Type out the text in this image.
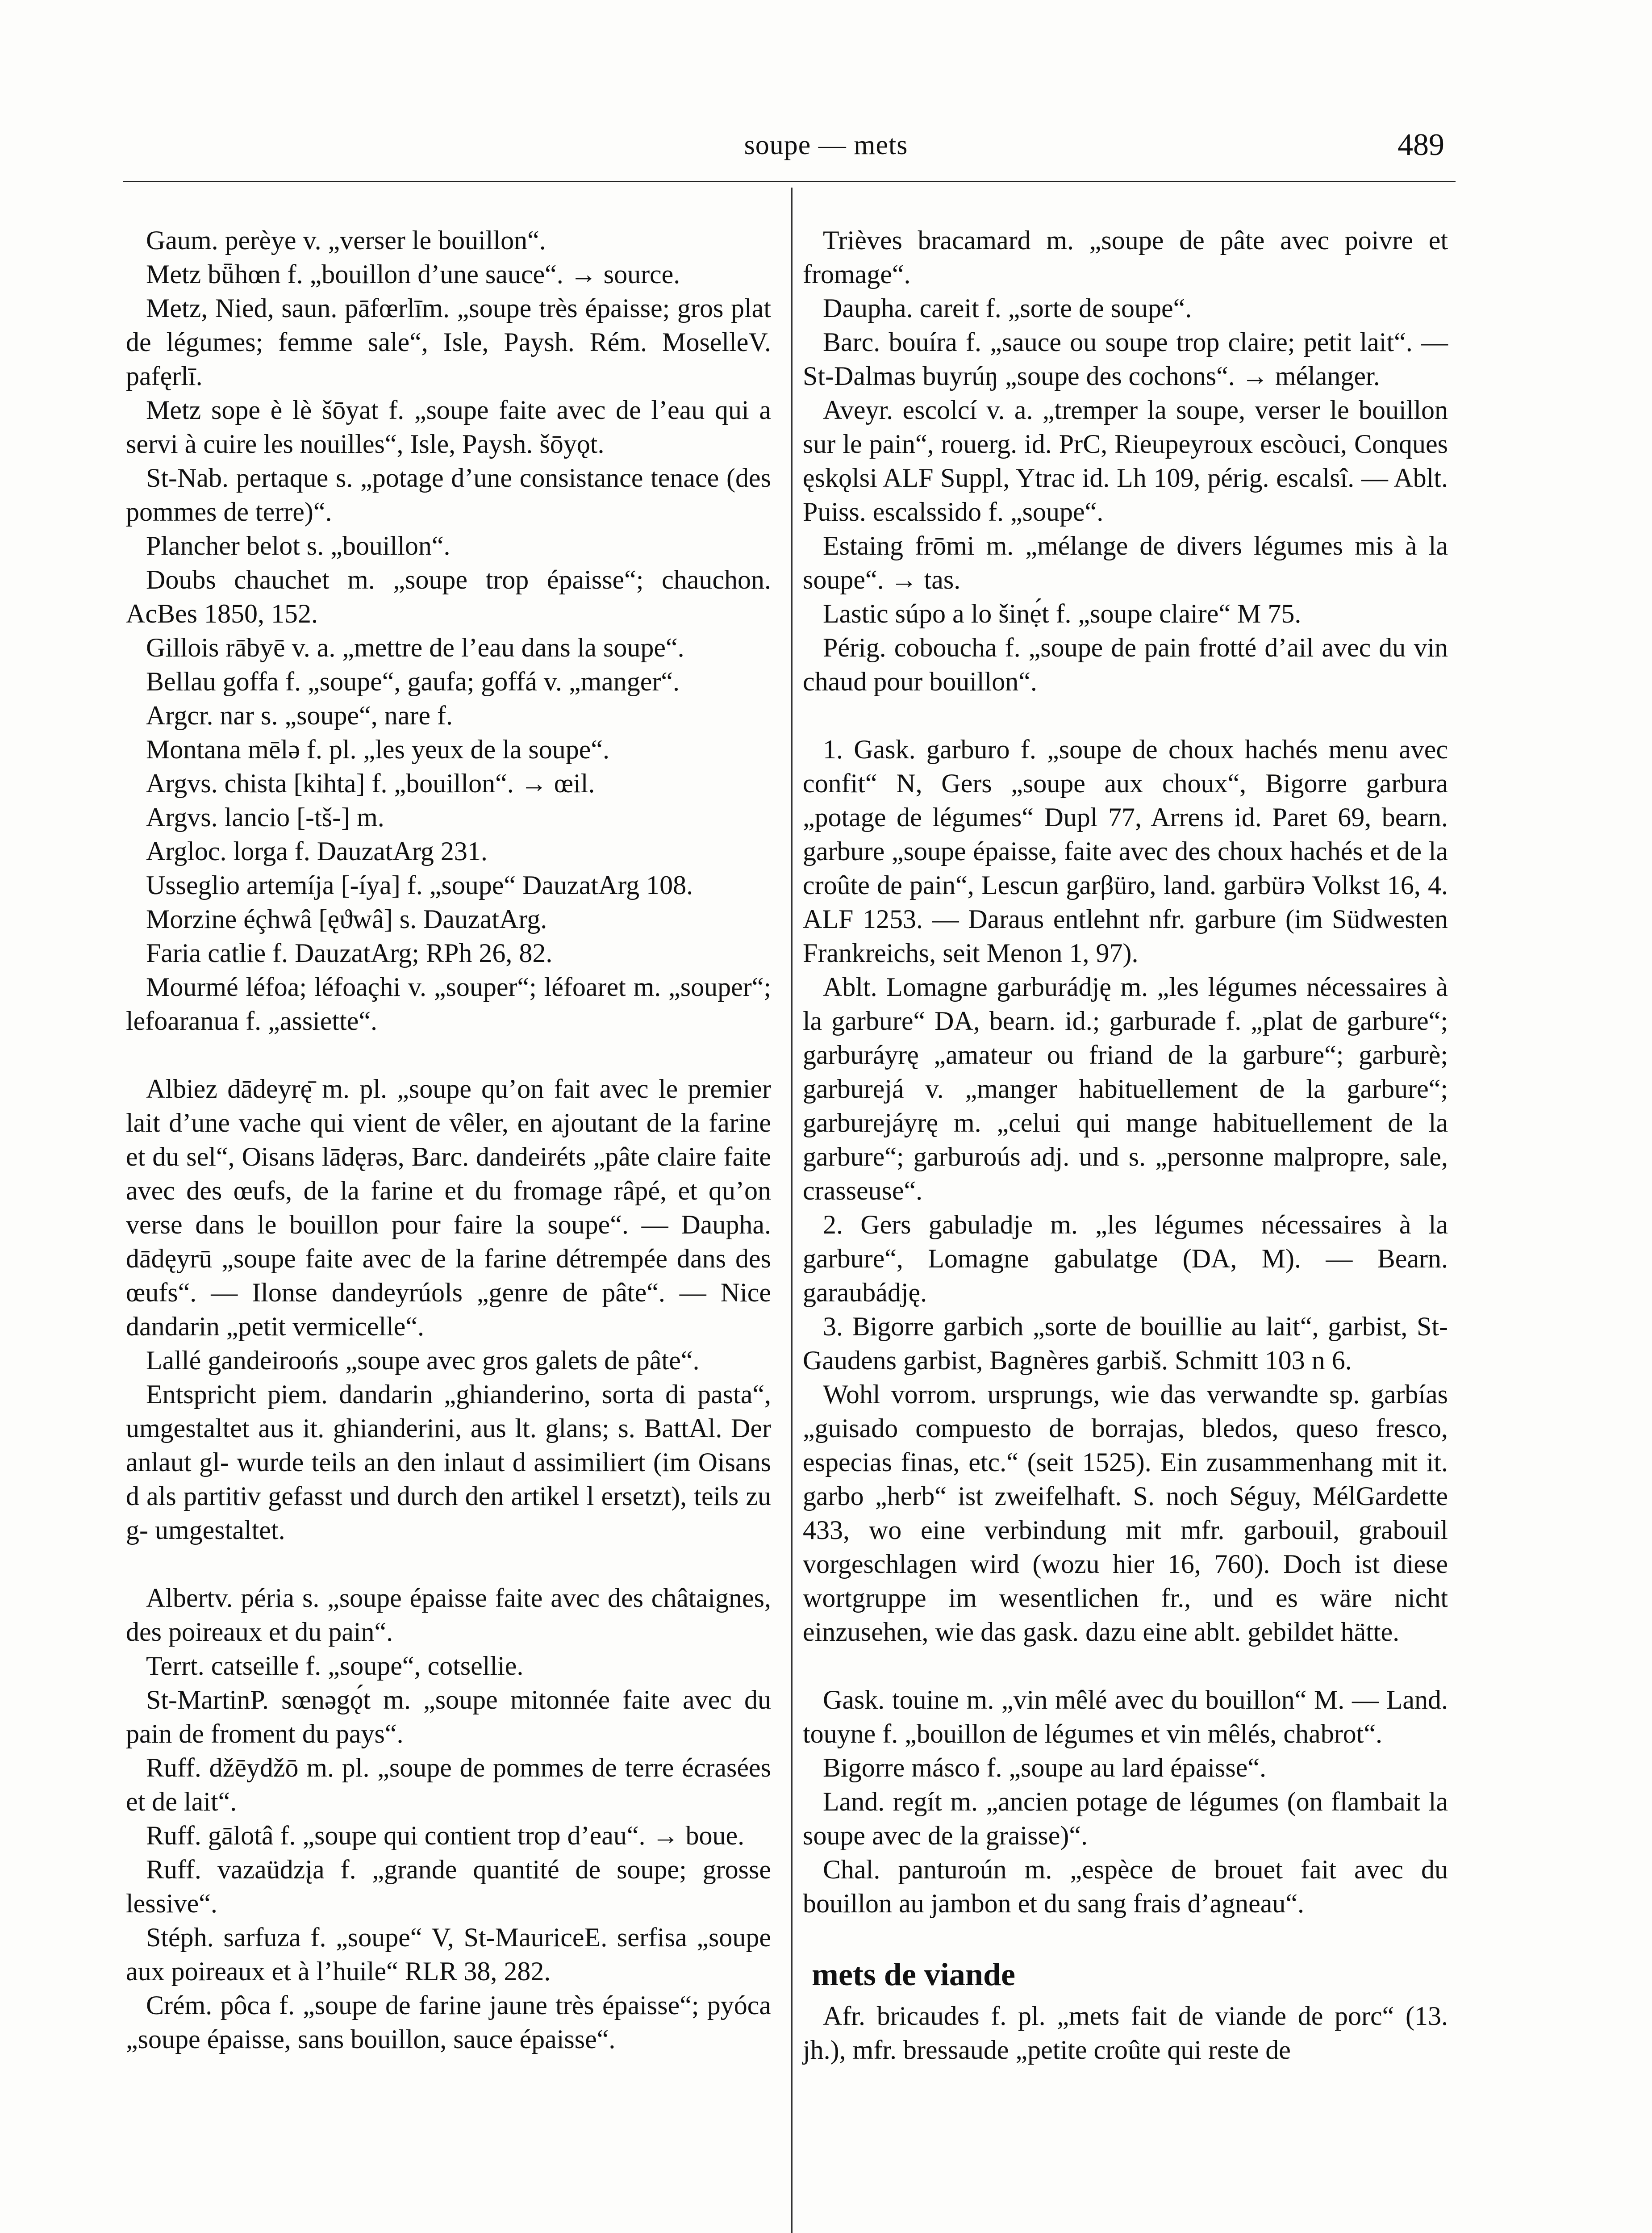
soupe — mets	489

Gaum. perèye v. „verser le bouillon“.

Metz bǖhœn f. „bouillon d’une sauce“. → source.

Metz, Nied, saun. pāfœrlīm. „soupe très épaisse; gros plat de légumes; femme sale“, Isle, Paysh. Rém. MoselleV. pafęrlī.

Metz sope è lè šōyat f. „soupe faite avec de l’eau qui a servi à cuire les nouilles“, Isle, Paysh. šōyǫt.

St-Nab. pertaque s. „potage d’une consistance tenace (des pommes de terre)“.

Plancher belot s. „bouillon“.

Doubs chauchet m. „soupe trop épaisse“; chauchon. AcBes 1850, 152.

Gillois rābyē v. a. „mettre de l’eau dans la soupe“.

Bellau goffa f. „soupe“, gaufa; goffá v. „manger“.

Argcr. nar s. „soupe“, nare f.

Montana mēlə f. pl. „les yeux de la soupe“.

Argvs. chista [kihta] f. „bouillon“. → œil.

Argvs. lancio [-tš-] m.

Argloc. lorga f. DauzatArg 231.

Usseglio artemíja [-íya] f. „soupe“ DauzatArg 108.

Morzine éçhwâ [ęϑwâ] s. DauzatArg.

Faria catlie f. DauzatArg; RPh 26, 82.

Mourmé léfoa; léfoaçhi v. „souper“; léfoaret m. „souper“; lefoaranua f. „assiette“.

Albiez dādeyrę̄ m. pl. „soupe qu’on fait avec le premier lait d’une vache qui vient de vêler, en ajoutant de la farine et du sel“, Oisans lādęrəs, Barc. dandeiréts „pâte claire faite avec des œufs, de la farine et du fromage râpé, et qu’on verse dans le bouillon pour faire la soupe“. — Daupha. dādęyrū „soupe faite avec de la farine détrempée dans des œufs“. — Ilonse dandeyrúols „genre de pâte“. — Nice dandarin „petit vermicelle“.

Lallé gandeiroońs „soupe avec gros galets de pâte“.

Entspricht piem. dandarin „ghianderino, sorta di pasta“, umgestaltet aus it. ghianderini, aus lt. glans; s. BattAl. Der anlaut gl- wurde teils an den inlaut d assimiliert (im Oisans d als partitiv gefasst und durch den artikel l ersetzt), teils zu g- umgestaltet.

Albertv. péria s. „soupe épaisse faite avec des châtaignes, des poireaux et du pain“.

Terrt. catseille f. „soupe“, cotsellie.

St-MartinP. sœnəgǫ́t m. „soupe mitonnée faite avec du pain de froment du pays“.

Ruff. džēydžō m. pl. „soupe de pommes de terre écrasées et de lait“.

Ruff. gālotâ f. „soupe qui contient trop d’eau“. → boue.

Ruff. vazaüdzįa f. „grande quantité de soupe; grosse lessive“.

Stéph. sarfuza f. „soupe“ V, St-MauriceE. serfisa „soupe aux poireaux et à l’huile“ RLR 38, 282.

Crém. pôca f. „soupe de farine jaune très épaisse“; pyóca „soupe épaisse, sans bouillon, sauce épaisse“.

Trièves bracamard m. „soupe de pâte avec poivre et fromage“.

Daupha. careit f. „sorte de soupe“.

Barc. bouíra f. „sauce ou soupe trop claire; petit lait“. — St-Dalmas buyrúŋ „soupe des cochons“. → mélanger.

Aveyr. escolcí v. a. „tremper la soupe, verser le bouillon sur le pain“, rouerg. id. PrC, Rieupeyroux escòuci, Conques ęskǫlsi ALF Suppl, Ytrac id. Lh 109, périg. escalsî. — Ablt. Puiss. escalssido f. „soupe“.

Estaing frōmi m. „mélange de divers légumes mis à la soupe“. → tas.

Lastic súpo a lo šinẹ́t f. „soupe claire“ M 75.

Périg. coboucha f. „soupe de pain frotté d’ail avec du vin chaud pour bouillon“.

1. Gask. garburo f. „soupe de choux hachés menu avec confit“ N, Gers „soupe aux choux“, Bigorre garbura „potage de légumes“ Dupl 77, Arrens id. Paret 69, bearn. garbure „soupe épaisse, faite avec des choux hachés et de la croûte de pain“, Lescun garβüro, land. garbürə Volkst 16, 4. ALF 1253. — Daraus entlehnt nfr. garbure (im Südwesten Frankreichs, seit Menon 1, 97).

Ablt. Lomagne garburádję m. „les légumes nécessaires à la garbure“ DA, bearn. id.; garburade f. „plat de garbure“; garburáyrę „amateur ou friand de la garbure“; garburè; garburejá v. „manger habituellement de la garbure“; garburejáyrę m. „celui qui mange habituellement de la garbure“; garburoús adj. und s. „personne malpropre, sale, crasseuse“.

2. Gers gabuladje m. „les légumes nécessaires à la garbure“, Lomagne gabulatge (DA, M). — Bearn. garaubádję.

3. Bigorre garbich „sorte de bouillie au lait“, garbist, St-Gaudens garbist, Bagnères garbiš. Schmitt 103 n 6.

Wohl vorrom. ursprungs, wie das verwandte sp. garbías „guisado compuesto de borrajas, bledos, queso fresco, especias finas, etc.“ (seit 1525). Ein zusammenhang mit it. garbo „herb“ ist zweifelhaft. S. noch Séguy, MélGardette 433, wo eine verbindung mit mfr. garbouil, grabouil vorgeschlagen wird (wozu hier 16, 760). Doch ist diese wortgruppe im wesentlichen fr., und es wäre nicht einzusehen, wie das gask. dazu eine ablt. gebildet hätte.

Gask. touine m. „vin mêlé avec du bouillon“ M. — Land. touyne f. „bouillon de légumes et vin mêlés, chabrot“.

Bigorre másco f. „soupe au lard épaisse“.

Land. regít m. „ancien potage de légumes (on flambait la soupe avec de la graisse)“.

Chal. panturoún m. „espèce de brouet fait avec du bouillon au jambon et du sang frais d’agneau“.

mets de viande

Afr. bricaudes f. pl. „mets fait de viande de porc“ (13. jh.), mfr. bressaude „petite croûte qui reste de
